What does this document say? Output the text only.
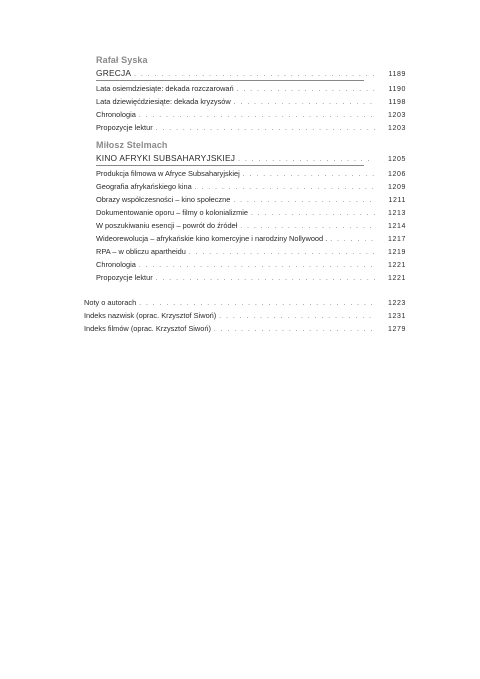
Rafał Syska
GRECJA . . .	1189
Lata osiemdziesiąte: dekada rozczarowań . . .	1190
Lata dziewięćdziesiąte: dekada kryzysów . . .	1198
Chronologia . . .	1203
Propozycje lektur . . .	1203
Miłosz Stelmach
KINO AFRYKI SUBSAHARYJSKIEJ . . .	1205
Produkcja filmowa w Afryce Subsaharyjskiej . . .	1206
Geografia afrykańskiego kina . . .	1209
Obrazy współczesności – kino społeczne . . .	1211
Dokumentowanie oporu – filmy o kolonializmie . . .	1213
W poszukiwaniu esencji – powrót do źródeł . . .	1214
Wideorewolucja – afrykańskie kino komercyjne i narodziny Nollywood . . . .	1217
RPA – w obliczu apartheidu . . .	1219
Chronologia . . .	1221
Propozycje lektur . . .	1221
Noty o autorach . . .	1223
Indeks nazwisk (oprac. Krzysztof Siwoń) . . .	1231
Indeks filmów (oprac. Krzysztof Siwoń) . . .	1279
